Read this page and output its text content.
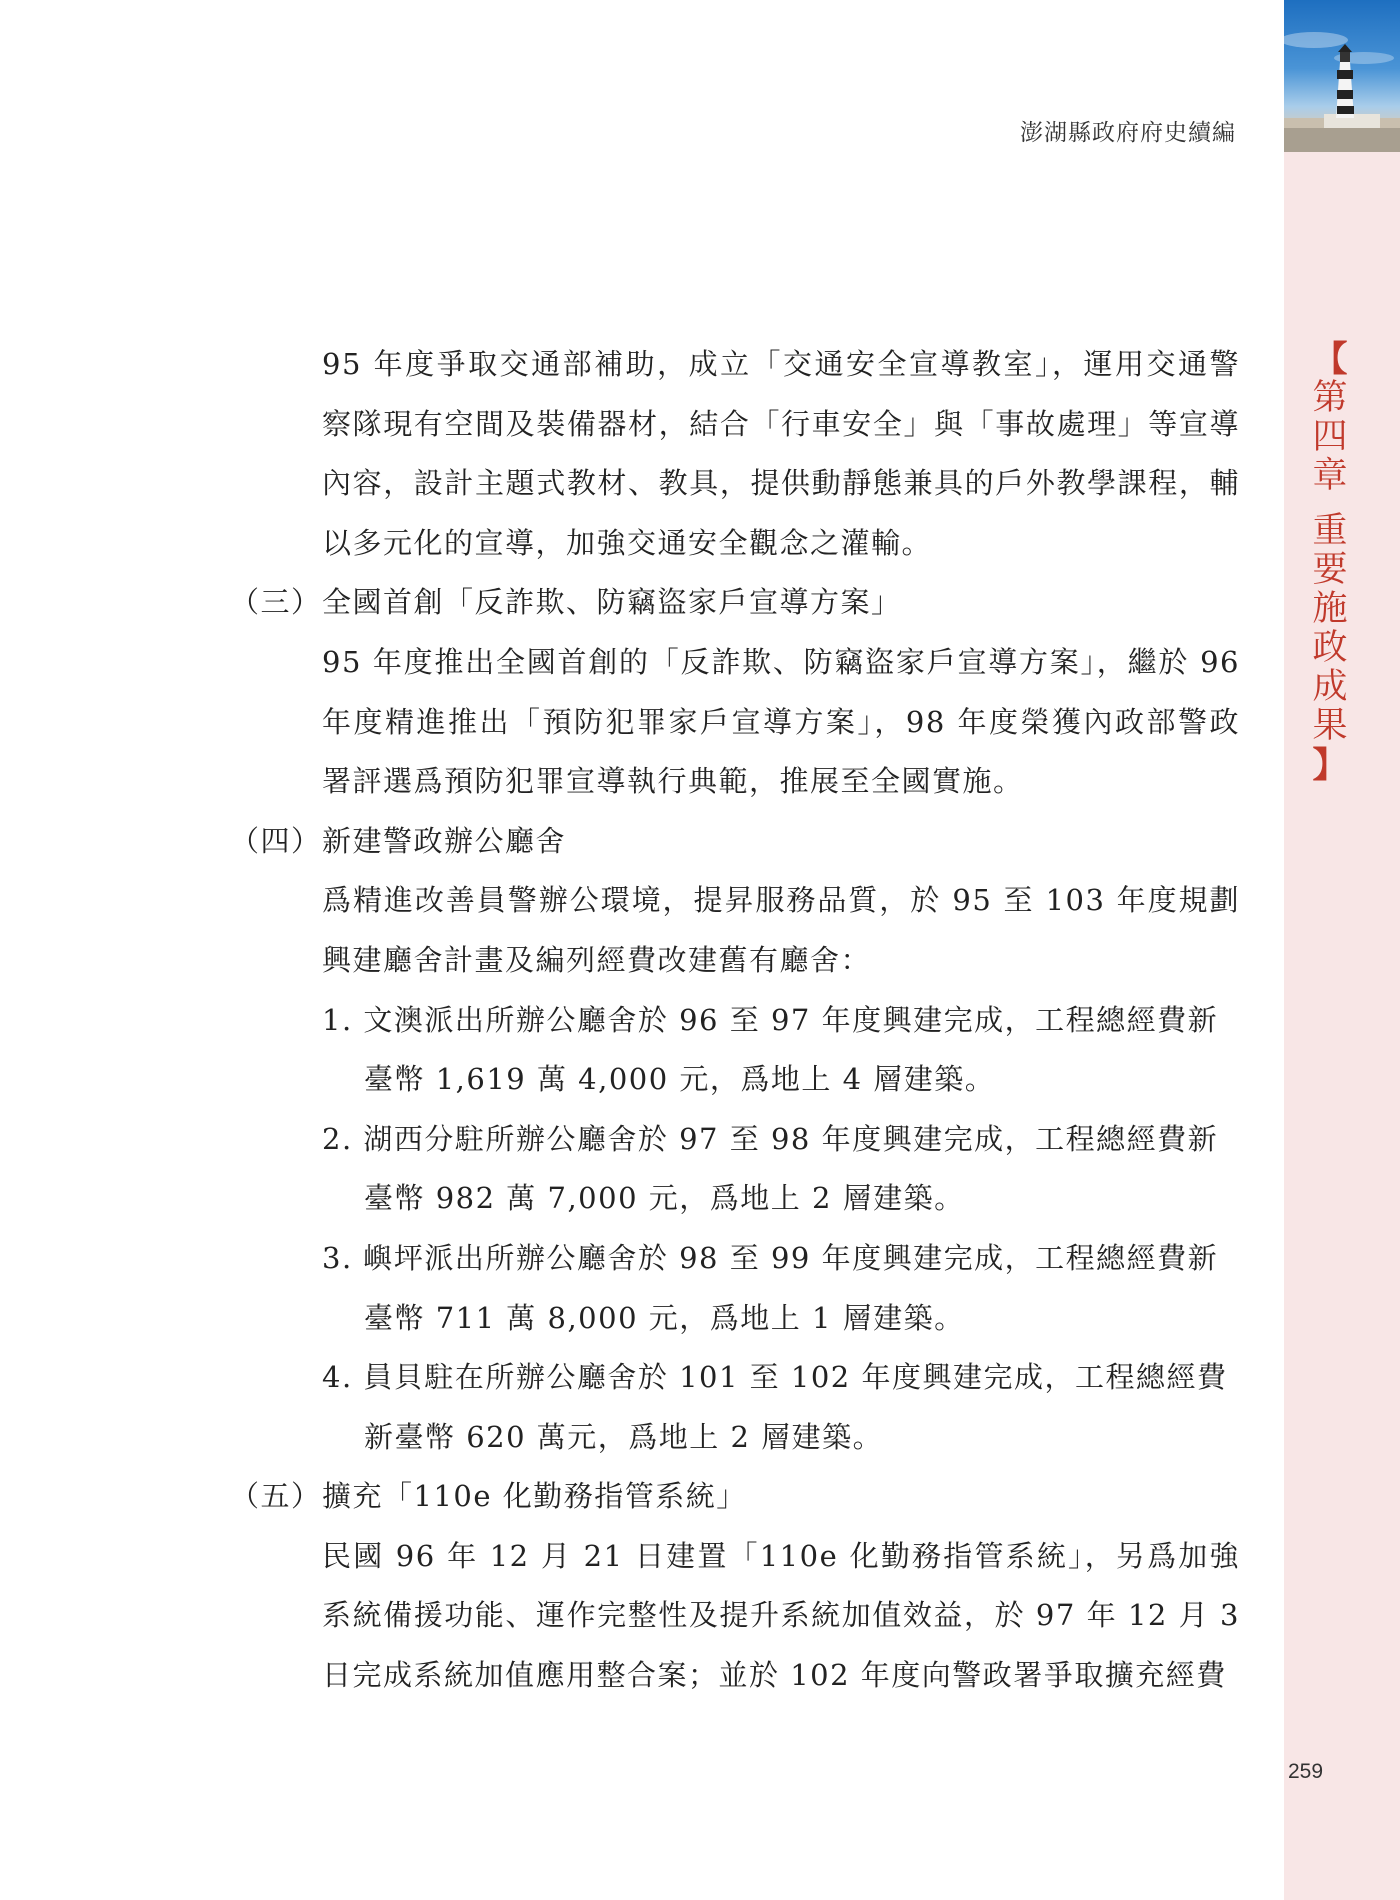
【
第
四
章
重
要
施
政
成
果
】
澎湖縣政府府史續編

95 年度爭取交通部補助，成立「交通安全宣導教室」，運用交通警察隊現有空間及裝備器材，結合「行車安全」與「事故處理」等宣導內容，設計主題式教材、教具，提供動靜態兼具的戶外教學課程，輔以多元化的宣導，加強交通安全觀念之灌輸。

（三）全國首創「反詐欺、防竊盜家戶宣導方案」

95 年度推出全國首創的「反詐欺、防竊盜家戶宣導方案」，繼於 96 年度精進推出「預防犯罪家戶宣導方案」，98 年度榮獲內政部警政署評選爲預防犯罪宣導執行典範，推展至全國實施。

（四）新建警政辦公廳舍

爲精進改善員警辦公環境，提昇服務品質，於 95 至 103 年度規劃興建廳舍計畫及編列經費改建舊有廳舍：

1. 文澳派出所辦公廳舍於 96 至 97 年度興建完成，工程總經費新臺幣 1,619 萬 4,000 元，爲地上 4 層建築。

2. 湖西分駐所辦公廳舍於 97 至 98 年度興建完成，工程總經費新臺幣 982 萬 7,000 元，爲地上 2 層建築。

3. 嶼坪派出所辦公廳舍於 98 至 99 年度興建完成，工程總經費新臺幣 711 萬 8,000 元，爲地上 1 層建築。

4. 員貝駐在所辦公廳舍於 101 至 102 年度興建完成，工程總經費新臺幣 620 萬元，爲地上 2 層建築。

（五）擴充「110e 化勤務指管系統」

民國 96 年 12 月 21 日建置「110e 化勤務指管系統」，另爲加強系統備援功能、運作完整性及提升系統加值效益，於 97 年 12 月 3 日完成系統加值應用整合案；並於 102 年度向警政署爭取擴充經費

259
